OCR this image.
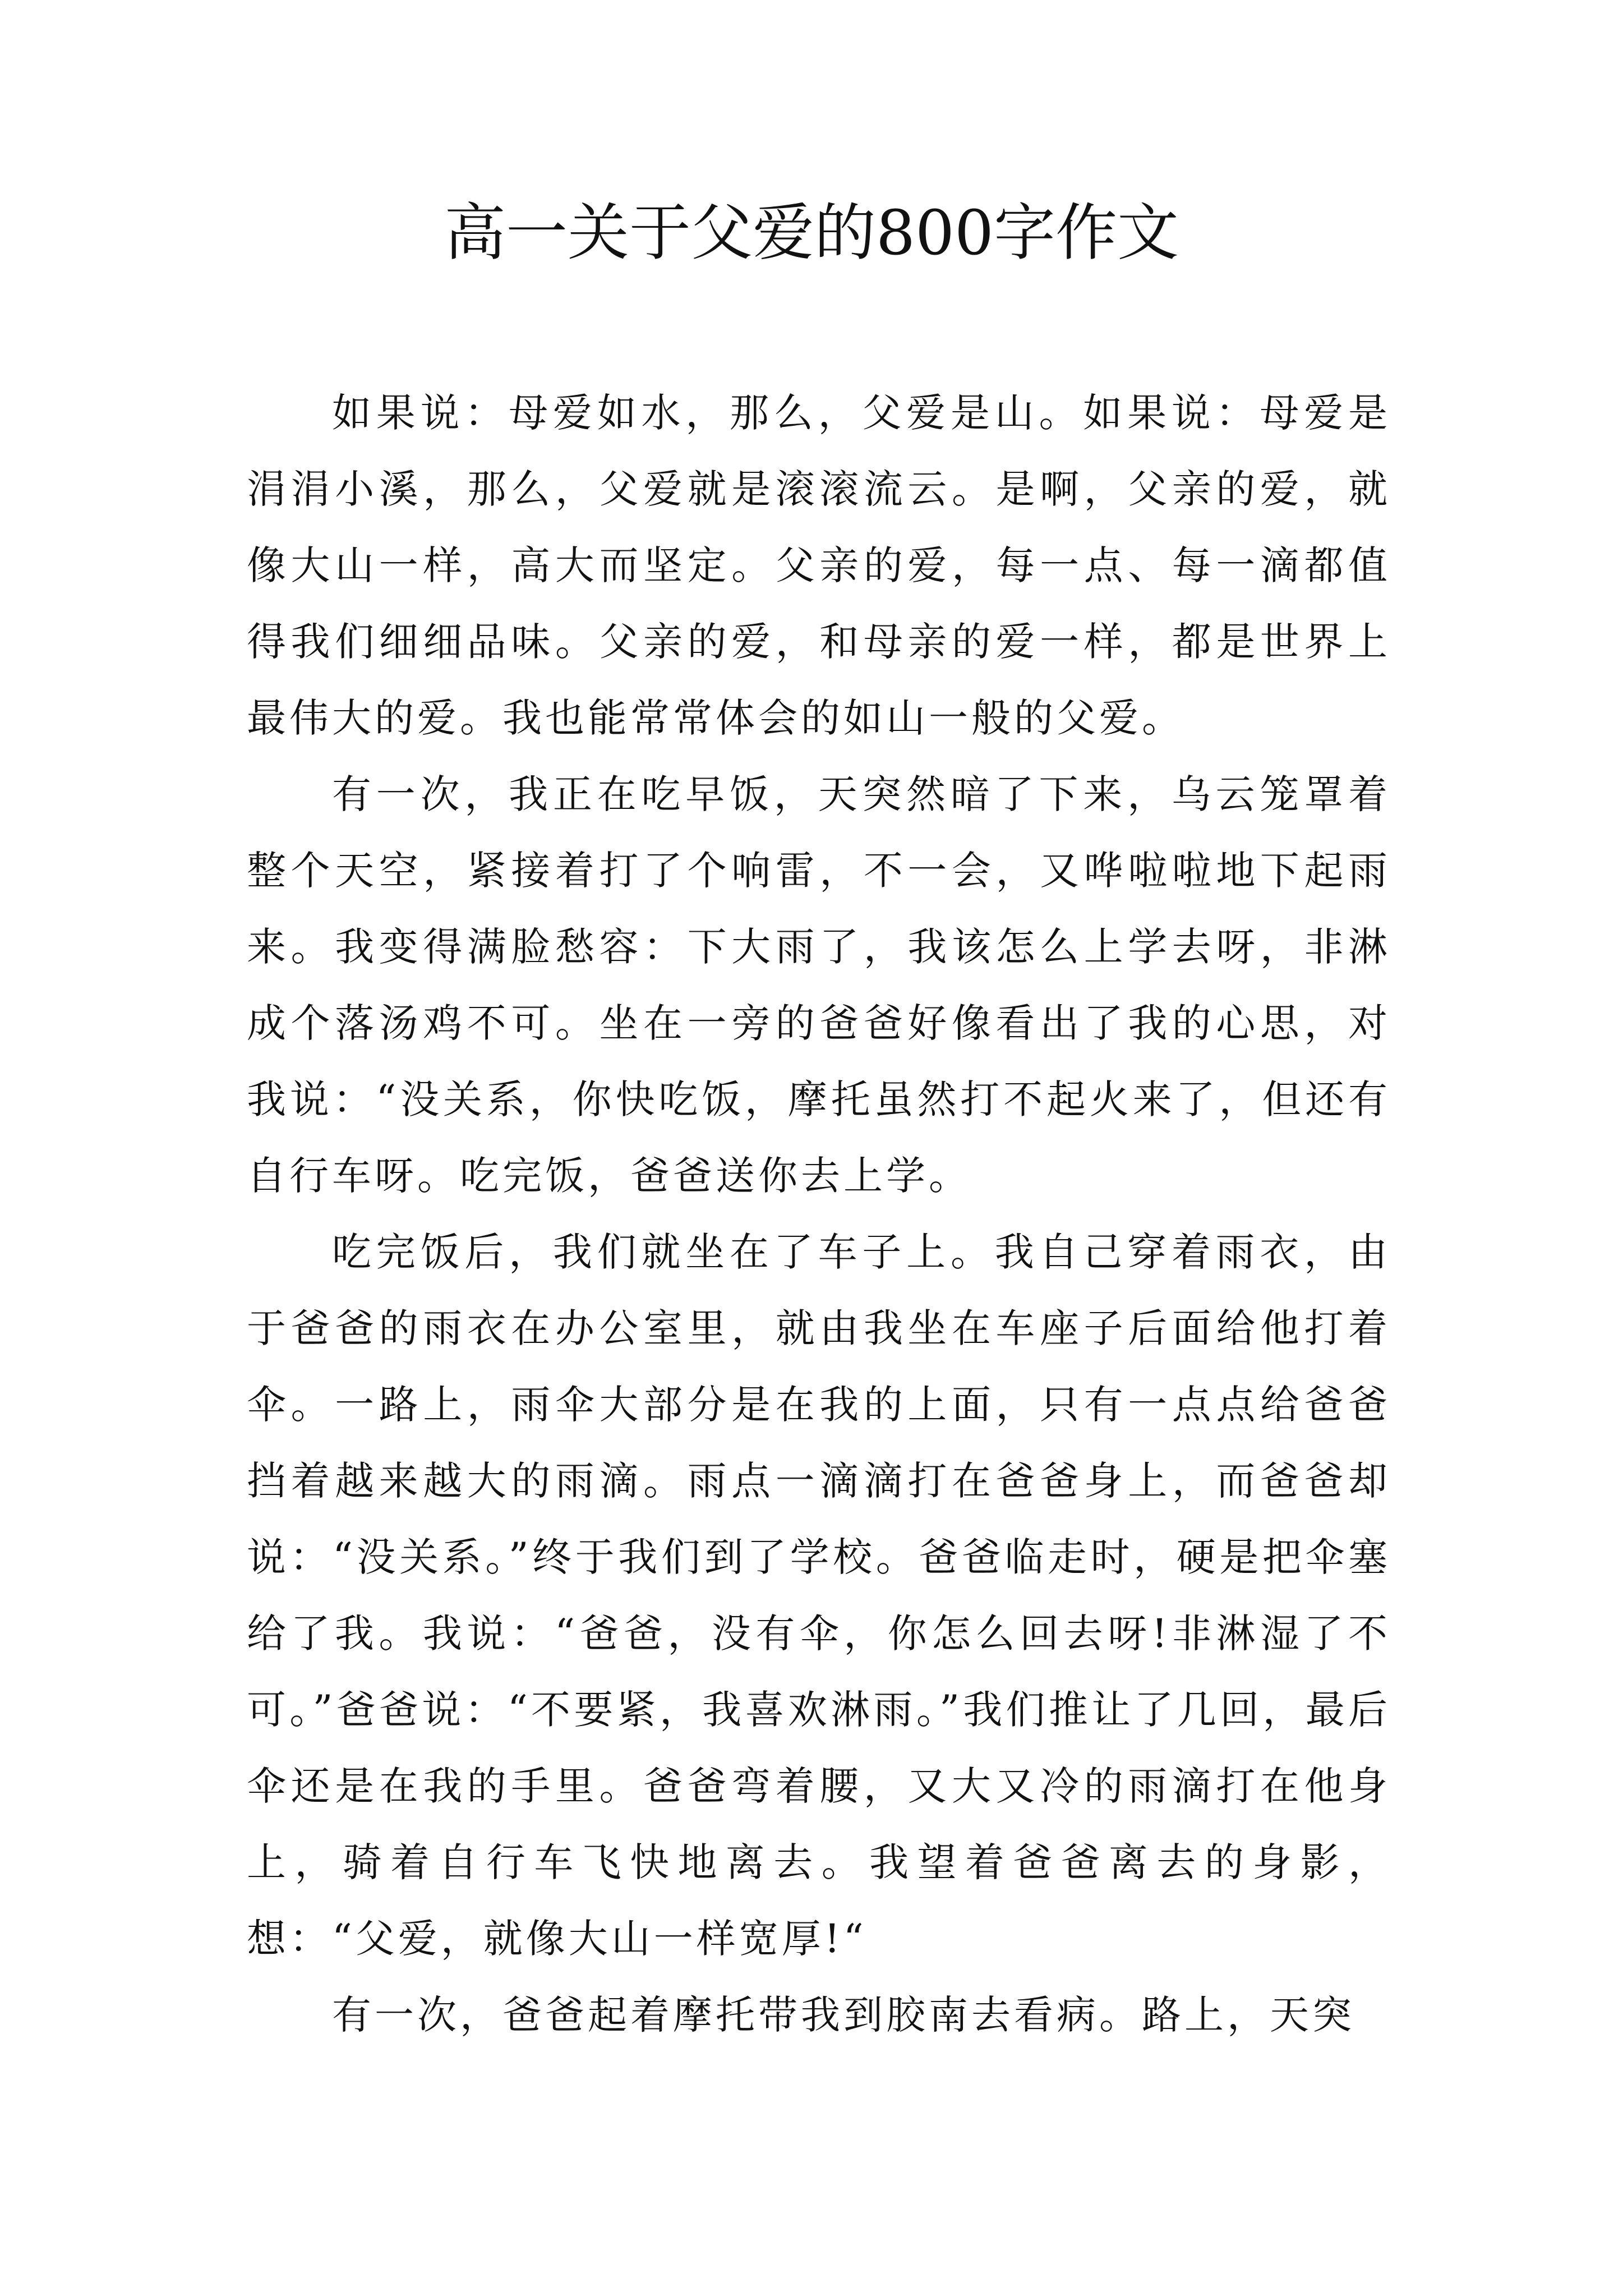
高一关于父爱的800字作文

如果说：母爱如水，那么，父爱是山。如果说：母爱是涓涓小溪，那么，父爱就是滚滚流云。是啊，父亲的爱，就像大山一样，高大而坚定。父亲的爱，每一点、每一滴都值得我们细细品味。父亲的爱，和母亲的爱一样，都是世界上最伟大的爱。我也能常常体会的如山一般的父爱。

有一次，我正在吃早饭，天突然暗了下来，乌云笼罩着整个天空，紧接着打了个响雷，不一会，又哗啦啦地下起雨来。我变得满脸愁容：下大雨了，我该怎么上学去呀，非淋成个落汤鸡不可。坐在一旁的爸爸好像看出了我的心思，对我说：“没关系，你快吃饭，摩托虽然打不起火来了，但还有自行车呀。吃完饭，爸爸送你去上学。

吃完饭后，我们就坐在了车子上。我自己穿着雨衣，由于爸爸的雨衣在办公室里，就由我坐在车座子后面给他打着伞。一路上，雨伞大部分是在我的上面，只有一点点给爸爸挡着越来越大的雨滴。雨点一滴滴打在爸爸身上，而爸爸却说：“没关系。”终于我们到了学校。爸爸临走时，硬是把伞塞给了我。我说：“爸爸，没有伞，你怎么回去呀!非淋湿了不可。”爸爸说：“不要紧，我喜欢淋雨。”我们推让了几回，最后伞还是在我的手里。爸爸弯着腰，又大又冷的雨滴打在他身上，骑着自行车飞快地离去。我望着爸爸离去的身影，想：“父爱，就像大山一样宽厚!“

有一次，爸爸起着摩托带我到胶南去看病。路上，天突
